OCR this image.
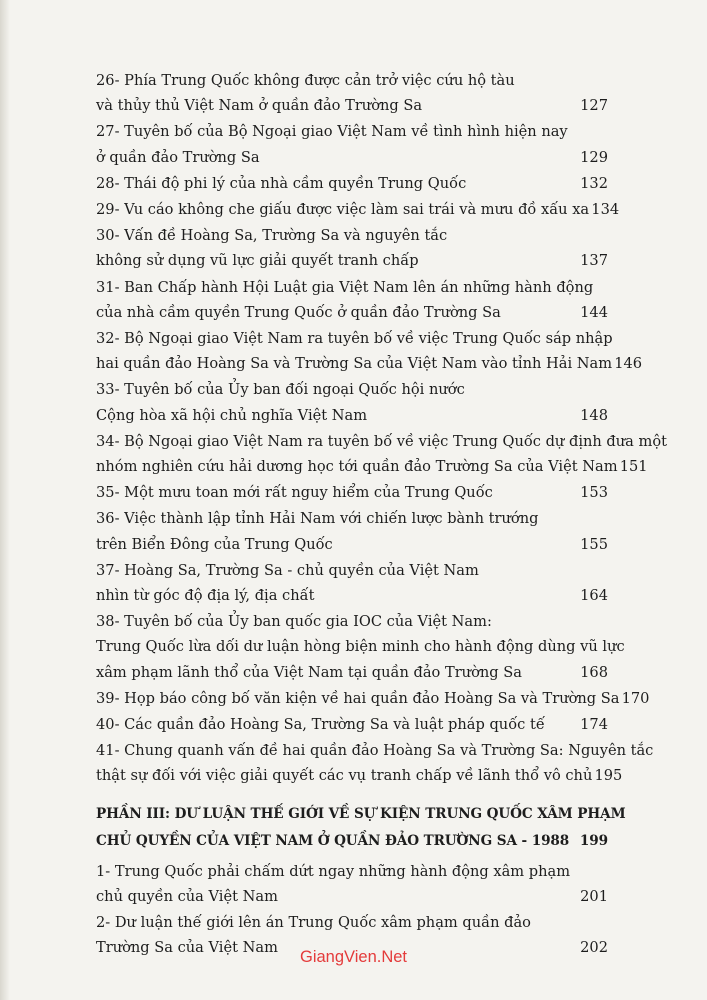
26- Phía Trung Quốc không được cản trở việc cứu hộ tàu
và thủy thủ Việt Nam ở quần đảo Trường Sa	127
27- Tuyên bố của Bộ Ngoại giao Việt Nam về tình hình hiện nay
ở quần đảo Trường Sa	129
28- Thái độ phi lý của nhà cầm quyền Trung Quốc	132
29- Vu cáo không che giấu được việc làm sai trái và mưu đồ xấu xa 134
30- Vấn đề Hoàng Sa, Trường Sa và nguyên tắc
không sử dụng vũ lực giải quyết tranh chấp	137
31- Ban Chấp hành Hội Luật gia Việt Nam lên án những hành động
của nhà cầm quyền Trung Quốc ở quần đảo Trường Sa	144
32- Bộ Ngoại giao Việt Nam ra tuyên bố về việc Trung Quốc sáp nhập
hai quần đảo Hoàng Sa và Trường Sa của Việt Nam vào tỉnh Hải Nam 146
33- Tuyên bố của Ủy ban đối ngoại Quốc hội nước
Cộng hòa xã hội chủ nghĩa Việt Nam	148
34- Bộ Ngoại giao Việt Nam ra tuyên bố về việc Trung Quốc dự định đưa một
nhóm nghiên cứu hải dương học tới quần đảo Trường Sa của Việt Nam 151
35- Một mưu toan mới rất nguy hiểm của Trung Quốc	153
36- Việc thành lập tỉnh Hải Nam với chiến lược bành trướng
trên Biển Đông của Trung Quốc	155
37- Hoàng Sa, Trường Sa - chủ quyền của Việt Nam
nhìn từ góc độ địa lý, địa chất	164
38- Tuyên bố của Ủy ban quốc gia IOC của Việt Nam:
Trung Quốc lừa dối dư luận hòng biện minh cho hành động dùng vũ lực
xâm phạm lãnh thổ của Việt Nam tại quần đảo Trường Sa	168
39- Họp báo công bố văn kiện về hai quần đảo Hoàng Sa và Trường Sa 170
40- Các quần đảo Hoàng Sa, Trường Sa và luật pháp quốc tế 174
41- Chung quanh vấn đề hai quần đảo Hoàng Sa và Trường Sa: Nguyên tắc
thật sự đối với việc giải quyết các vụ tranh chấp về lãnh thổ vô chủ 195
PHẦN III: DƯ LUẬN THẾ GIỚI VỀ SỰ KIỆN TRUNG QUỐC XÂM PHẠM
CHỦ QUYỀN CỦA VIỆT NAM Ở QUẦN ĐẢO TRƯỜNG SA - 1988 199
1- Trung Quốc phải chấm dứt ngay những hành động xâm phạm
chủ quyền của Việt Nam	201
2- Dư luận thế giới lên án Trung Quốc xâm phạm quần đảo
Trường Sa của Việt Nam	202
GiangVien.Net
